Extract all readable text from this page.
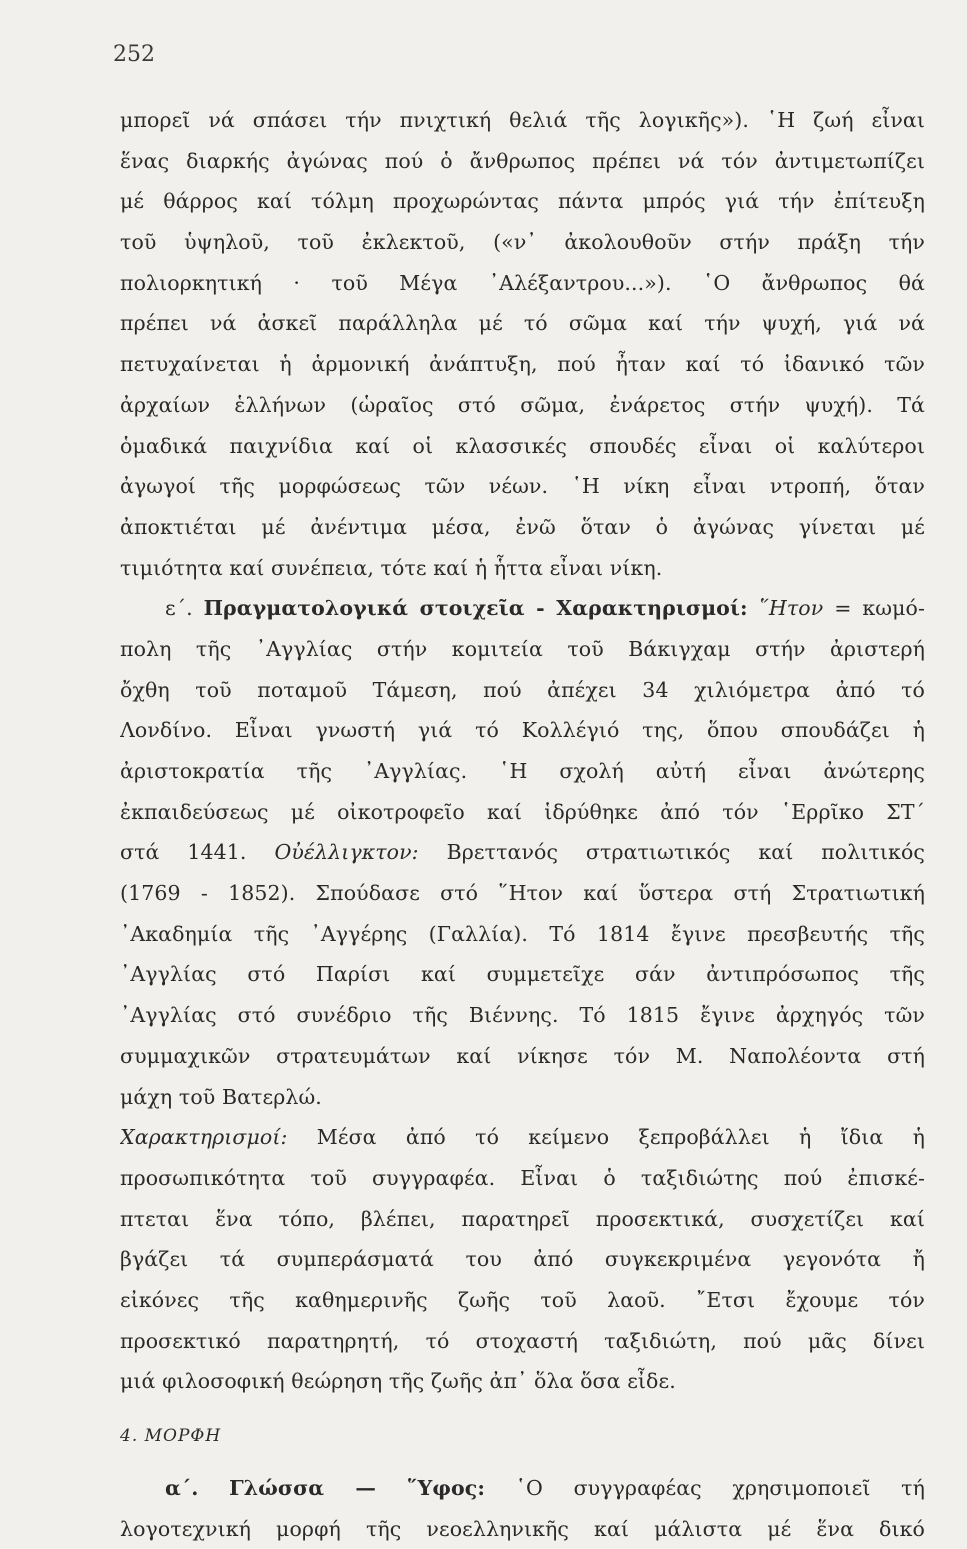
252
μπορεῖ νά σπάσει τήν πνιχτική θελιά τῆς λογικῆς»). ῾Η ζωή εἶναι
ἕνας διαρκής ἀγώνας πού ὁ ἄνθρωπος πρέπει νά τόν ἀντιμετωπίζει
μέ θάρρος καί τόλμη προχωρώντας πάντα μπρός γιά τήν ἐπίτευξη
τοῦ ὑψηλοῦ, τοῦ ἐκλεκτοῦ, («ν᾽ ἀκολουθοῦν στήν πράξη τήν
πολιορκητική · τοῦ Μέγα ᾽Αλέξαντρου...»). ῾Ο ἄνθρωπος θά
πρέπει νά ἀσκεῖ παράλληλα μέ τό σῶμα καί τήν ψυχή, γιά νά
πετυχαίνεται ἡ ἁρμονική ἀνάπτυξη, πού ἦταν καί τό ἰδανικό τῶν
ἀρχαίων ἑλλήνων (ὡραῖος στό σῶμα, ἐνάρετος στήν ψυχή). Τά
ὁμαδικά παιχνίδια καί οἱ κλασσικές σπουδές εἶναι οἱ καλύτεροι
ἀγωγοί τῆς μορφώσεως τῶν νέων. ῾Η νίκη εἶναι ντροπή, ὅταν
ἀποκτιέται μέ ἀνέντιμα μέσα, ἐνῶ ὅταν ὁ ἀγώνας γίνεται μέ
τιμιότητα καί συνέπεια, τότε καί ἡ ἧττα εἶναι νίκη.
ε΄. Πραγματολογικά στοιχεῖα - Χαρακτηρισμοί: ῞Ητον = κωμό-
πολη τῆς ᾽Αγγλίας στήν κομιτεία τοῦ Βάκιγχαμ στήν ἀριστερή
ὄχθη τοῦ ποταμοῦ Τάμεση, πού ἀπέχει 34 χιλιόμετρα ἀπό τό
Λονδίνο. Εἶναι γνωστή γιά τό Κολλέγιό της, ὅπου σπουδάζει ἡ
ἀριστοκρατία τῆς ᾽Αγγλίας. ῾Η σχολή αὐτή εἶναι ἀνώτερης
ἐκπαιδεύσεως μέ οἰκοτροφεῖο καί ἱδρύθηκε ἀπό τόν ῾Ερρῖκο ΣΤ΄
στά 1441. Οὐέλλιγκτον: Βρεττανός στρατιωτικός καί πολιτικός
(1769 - 1852). Σπούδασε στό ῞Ητον καί ὕστερα στή Στρατιωτική
᾽Ακαδημία τῆς ᾽Αγγέρης (Γαλλία). Τό 1814 ἔγινε πρεσβευτής τῆς
᾽Αγγλίας στό Παρίσι καί συμμετεῖχε σάν ἀντιπρόσωπος τῆς
᾽Αγγλίας στό συνέδριο τῆς Βιέννης. Τό 1815 ἔγινε ἀρχηγός τῶν
συμμαχικῶν στρατευμάτων καί νίκησε τόν Μ. Ναπολέοντα στή
μάχη τοῦ Βατερλώ.
Χαρακτηρισμοί: Μέσα ἀπό τό κείμενο ξεπροβάλλει ἡ ἴδια ἡ
προσωπικότητα τοῦ συγγραφέα. Εἶναι ὁ ταξιδιώτης πού ἐπισκέ-
πτεται ἕνα τόπο, βλέπει, παρατηρεῖ προσεκτικά, συσχετίζει καί
βγάζει τά συμπεράσματά του ἀπό συγκεκριμένα γεγονότα ἤ
εἰκόνες τῆς καθημερινῆς ζωῆς τοῦ λαοῦ. ῎Ετσι ἔχουμε τόν
προσεκτικό παρατηρητή, τό στοχαστή ταξιδιώτη, πού μᾶς δίνει
μιά φιλοσοφική θεώρηση τῆς ζωῆς ἀπ᾽ ὅλα ὅσα εἶδε.
4. ΜΟΡΦΗ
α΄. Γλώσσα — ῞Υφος: ῾Ο συγγραφέας χρησιμοποιεῖ τή
λογοτεχνική μορφή τῆς νεοελληνικῆς καί μάλιστα μέ ἕνα δικό
